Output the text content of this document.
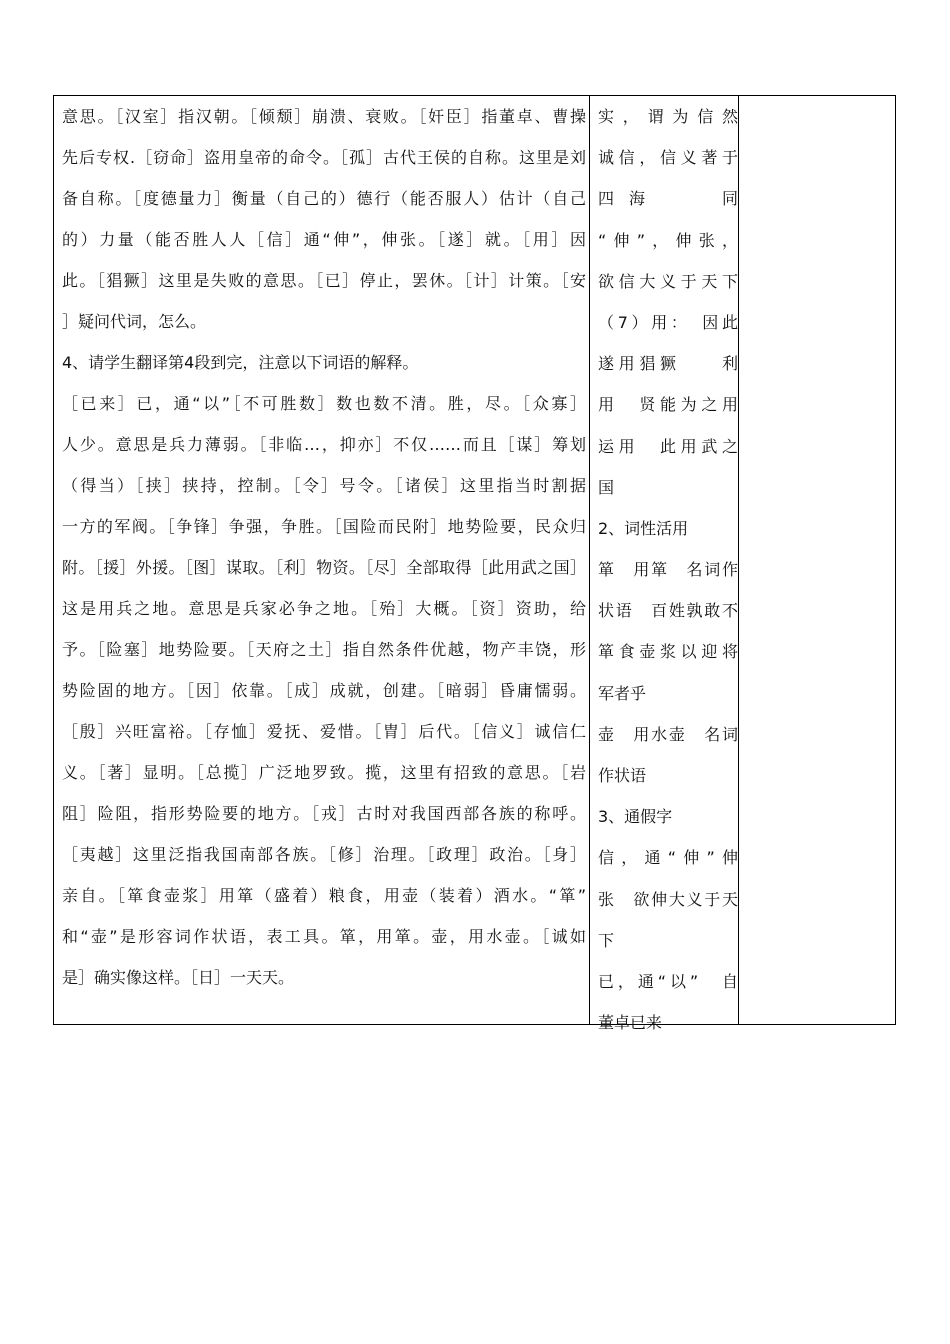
意思。［汉室］指汉朝。［倾颓］崩溃、衰败。［奸臣］指董卓、曹操
先后专权.［窃命］盗用皇帝的命令。［孤］古代王侯的自称。这里是刘
备自称。［度德量力］衡量（自己的）德行（能否服人）估计（自己
的）力量（能否胜人人［信］通“伸”，伸张。［遂］就。［用］因
此。［猖獗］这里是失败的意思。［已］停止，罢休。［计］计策。［安
］疑问代词，怎么。
4、请学生翻译第4段到完，注意以下词语的解释。
［已来］已，通“以”［不可胜数］数也数不清。胜，尽。［众寡］
人少。意思是兵力薄弱。［非临…，抑亦］不仅……而且［谋］筹划
（得当）［挟］挟持，控制。［令］号令。［诸侯］这里指当时割据
一方的军阀。［争锋］争强，争胜。［国险而民附］地势险要，民众归
附。［援］外援。［图］谋取。［利］物资。［尽］全部取得［此用武之国］
这是用兵之地。意思是兵家必争之地。［殆］大概。［资］资助，给
予。［险塞］地势险要。［天府之土］指自然条件优越，物产丰饶，形
势险固的地方。［因］依靠。［成］成就，创建。［暗弱］昏庸懦弱。
［殷］兴旺富裕。［存恤］爱抚、爱惜。［胄］后代。［信义］诚信仁
义。［著］显明。［总揽］广泛地罗致。揽，这里有招致的意思。［岩
阻］险阻，指形势险要的地方。［戎］古时对我国西部各族的称呼。
［夷越］这里泛指我国南部各族。［修］治理。［政理］政治。［身］
亲自。［箪食壶浆］用箪（盛着）粮食，用壶（装着）酒水。“箪”
和“壶”是形容词作状语，表工具。箪，用箪。壶，用水壶。［诚如
是］确实像这样。［日］一天天。
实，谓为信然
诚信，信义著于
四海　　同
“伸”，伸张，
欲信大义于天下
（7）用：　因此
遂用猖獗　　利
用　贤能为之用
运用　此用武之
国
2、词性活用
箪　用箪　名词作
状语　百姓孰敢不
箪食壶浆以迎将
军者乎
壶　用水壶　名词
作状语
3、通假字
信，通“伸”伸
张　欲伸大义于天
下
已，通“以”　自
董卓已来
